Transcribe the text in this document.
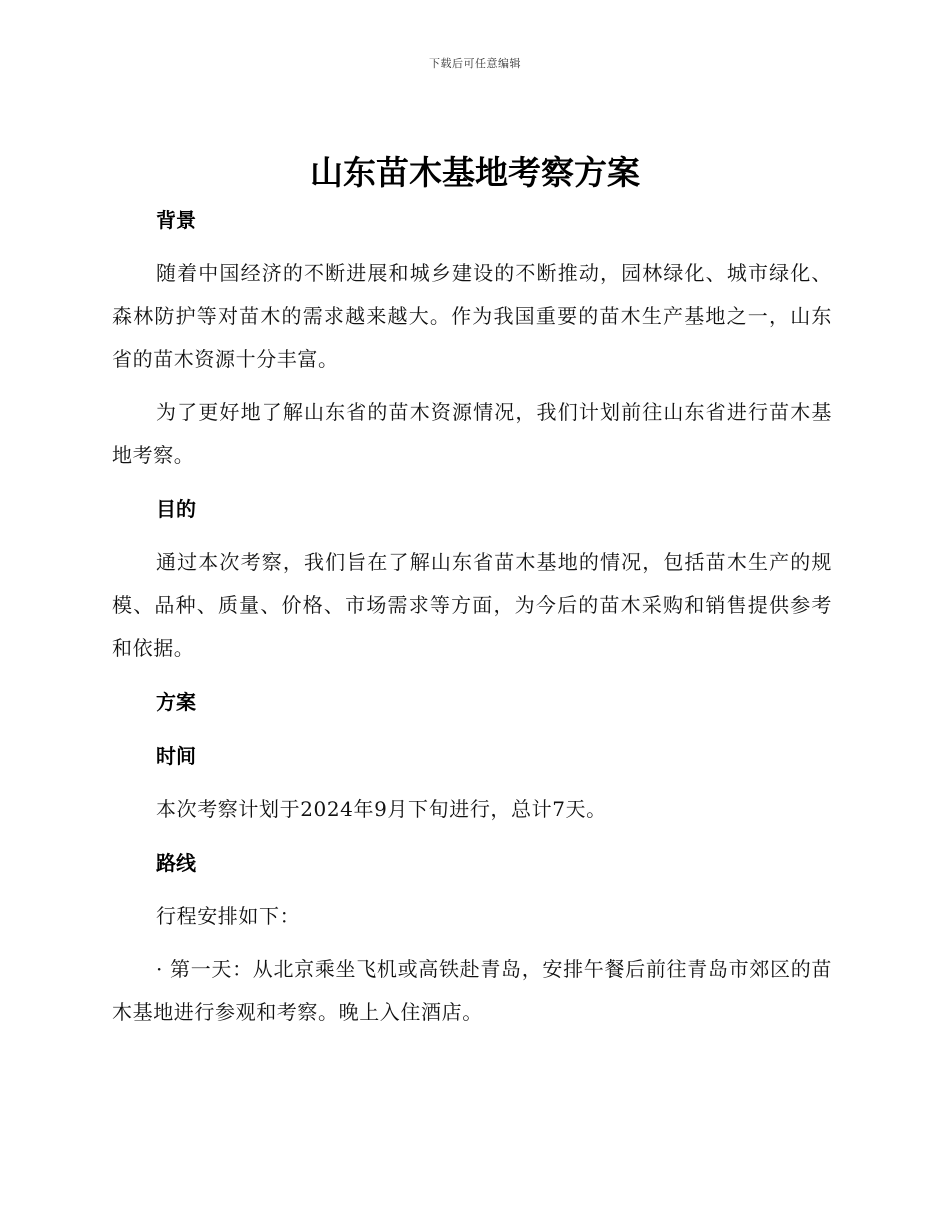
下载后可任意编辑
山东苗木基地考察方案
背景

随着中国经济的不断进展和城乡建设的不断推动，园林绿化、城市绿化、森林防护等对苗木的需求越来越大。作为我国重要的苗木生产基地之一，山东省的苗木资源十分丰富。

为了更好地了解山东省的苗木资源情况，我们计划前往山东省进行苗木基地考察。

目的

通过本次考察，我们旨在了解山东省苗木基地的情况，包括苗木生产的规模、品种、质量、价格、市场需求等方面，为今后的苗木采购和销售提供参考和依据。

方案
时间

本次考察计划于2024年9月下旬进行，总计7天。

路线

行程安排如下：

· 第一天：从北京乘坐飞机或高铁赴青岛，安排午餐后前往青岛市郊区的苗木基地进行参观和考察。晚上入住酒店。
